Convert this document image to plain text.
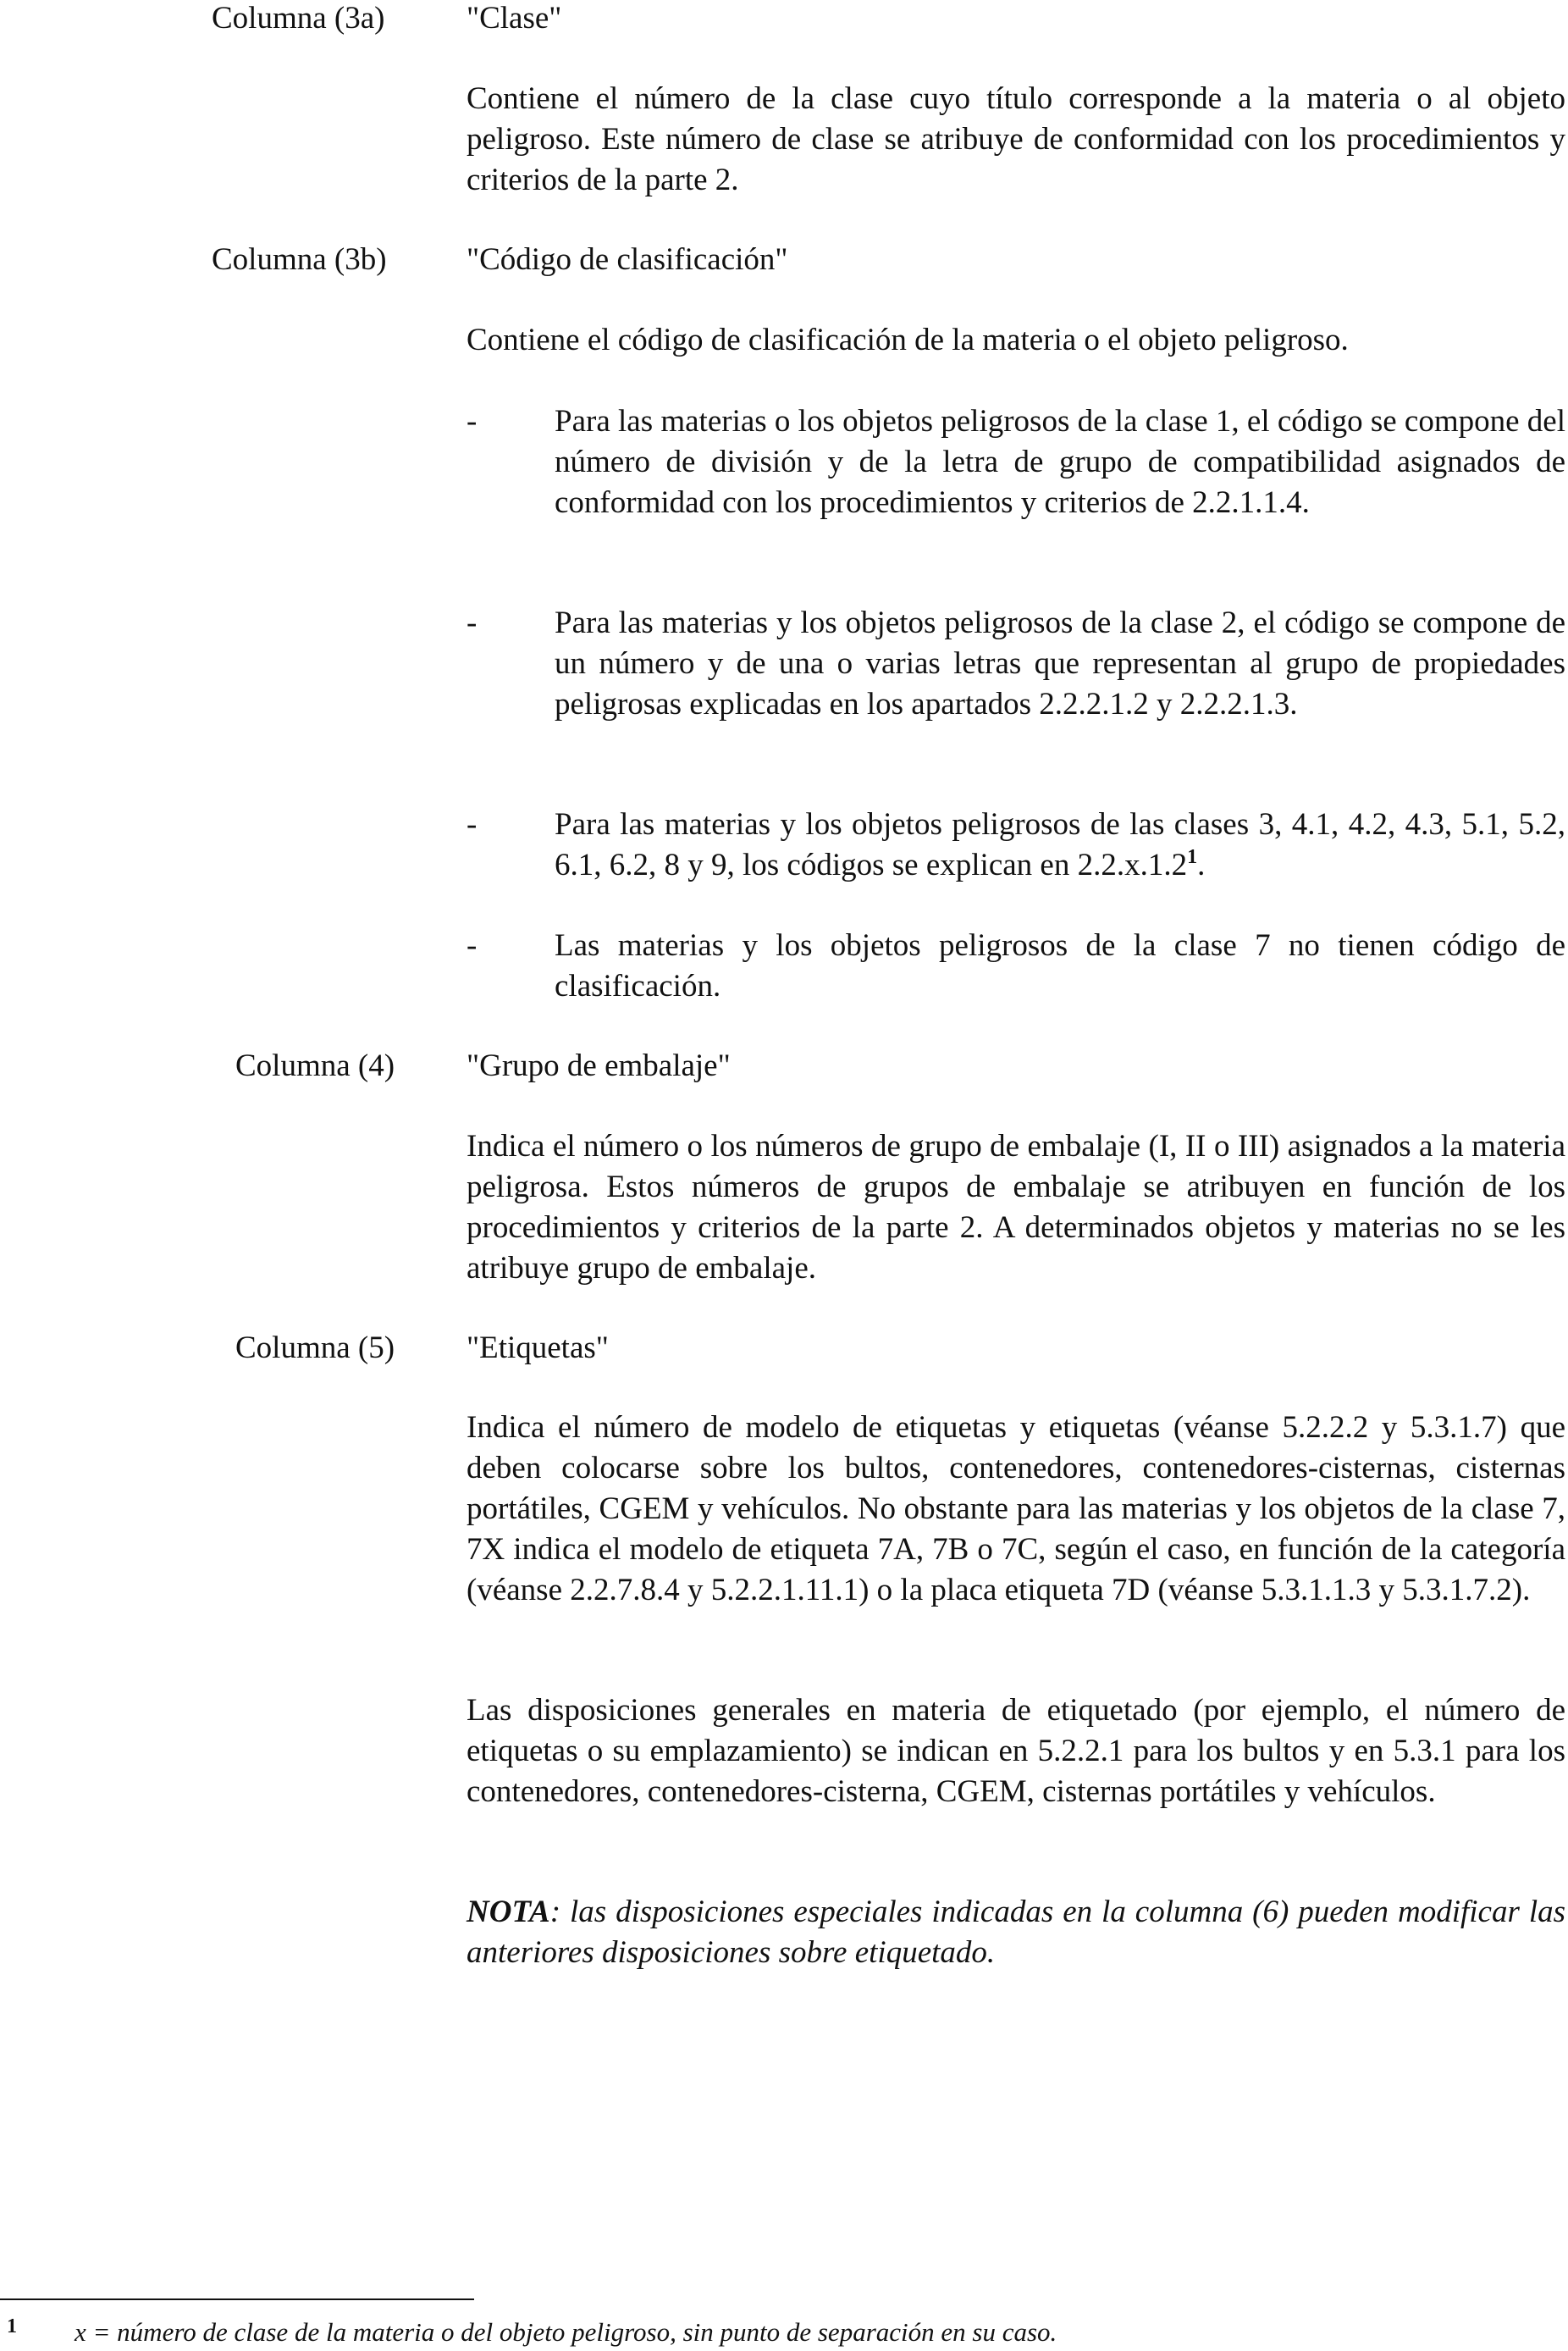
Columna (3a)	"Clase"
Contiene el número de la clase cuyo título corresponde a la materia o al objeto peligroso. Este número de clase se atribuye de conformidad con los procedimientos y criterios de la parte 2.
Columna (3b)	"Código de clasificación"
Contiene el código de clasificación de la materia o el objeto peligroso.
-	Para las materias o los objetos peligrosos de la clase 1, el código se compone del número de división y de la letra de grupo de compatibilidad asignados de conformidad con los procedimientos y criterios de 2.2.1.1.4.
-	Para las materias y los objetos peligrosos de la clase 2, el código se compone de un número y de una o varias letras que representan al grupo de propiedades peligrosas explicadas en los apartados 2.2.2.1.2 y 2.2.2.1.3.
-	Para las materias y los objetos peligrosos de las clases 3, 4.1, 4.2, 4.3, 5.1, 5.2, 6.1, 6.2, 8 y 9, los códigos se explican en 2.2.x.1.2$^1$.
-	Las materias y los objetos peligrosos de la clase 7 no tienen código de clasificación.
Columna (4)	"Grupo de embalaje"
Indica el número o los números de grupo de embalaje (I, II o III) asignados a la materia peligrosa. Estos números de grupos de embalaje se atribuyen en función de los procedimientos y criterios de la parte 2. A determinados objetos y materias no se les atribuye grupo de embalaje.
Columna (5)	"Etiquetas"
Indica el número de modelo de etiquetas y etiquetas (véanse 5.2.2.2 y 5.3.1.7) que deben colocarse sobre los bultos, contenedores, contenedores-cisternas, cisternas portátiles, CGEM y vehículos. No obstante para las materias y los objetos de la clase 7, 7X indica el modelo de etiqueta 7A, 7B o 7C, según el caso, en función de la categoría (véanse 2.2.7.8.4 y 5.2.2.1.11.1) o la placa etiqueta 7D (véanse 5.3.1.1.3 y 5.3.1.7.2).
Las disposiciones generales en materia de etiquetado (por ejemplo, el número de etiquetas o su emplazamiento) se indican en 5.2.2.1 para los bultos y en 5.3.1 para los contenedores, contenedores-cisterna, CGEM, cisternas portátiles y vehículos.
NOTA: las disposiciones especiales indicadas en la columna (6) pueden modificar las anteriores disposiciones sobre etiquetado.
1 x = número de clase de la materia o del objeto peligroso, sin punto de separación en su caso.
